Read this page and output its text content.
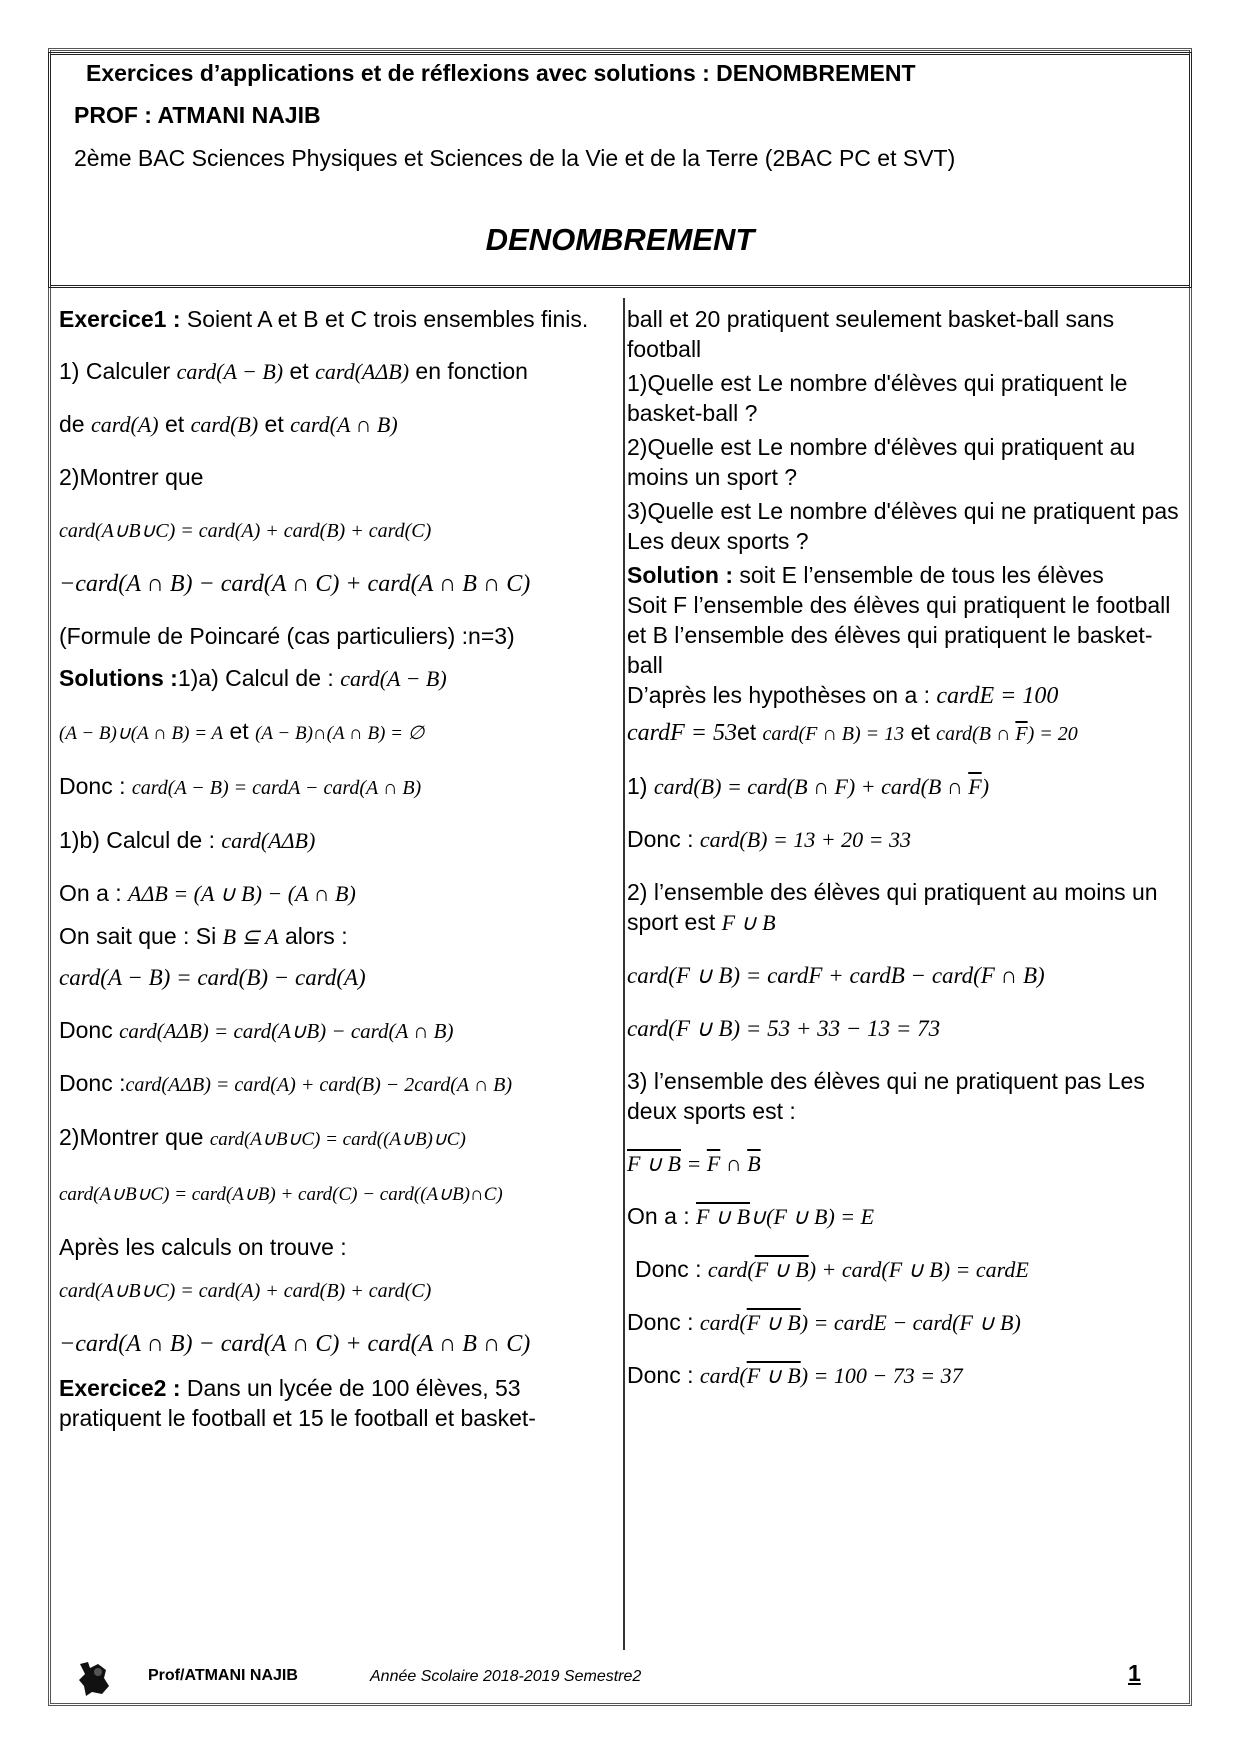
Exercices d’applications et de réflexions avec solutions : DENOMBREMENT
PROF : ATMANI NAJIB
2ème BAC Sciences Physiques et Sciences de la Vie et de la Terre (2BAC PC et SVT)
DENOMBREMENT

Exercice1 : Soient A et B et C trois ensembles finis.

1) Calculer card(A − B) et card(AΔB) en fonction

de card(A) et card(B) et card(A ∩ B)

2)Montrer que

card(A∪B∪C) = card(A) + card(B) + card(C)

−card(A ∩ B) − card(A ∩ C) + card(A ∩ B ∩ C)

(Formule de Poincaré (cas particuliers) :n=3)

Solutions :1)a) Calcul de : card(A − B)

(A − B)∪(A ∩ B) = A et (A − B)∩(A ∩ B) = ∅

Donc : card(A − B) = cardA − card(A ∩ B)

1)b) Calcul de : card(AΔB)

On a : AΔB = (A ∪ B) − (A ∩ B)

On sait que : Si B ⊆ A alors :

card(A − B) = card(B) − card(A)

Donc card(AΔB) = card(A∪B) − card(A ∩ B)

Donc :card(AΔB) = card(A) + card(B) − 2card(A ∩ B)

2)Montrer que card(A∪B∪C) = card((A∪B)∪C)

card(A∪B∪C) = card(A∪B) + card(C) − card((A∪B)∩C)

Après les calculs on trouve :

card(A∪B∪C) = card(A) + card(B) + card(C)

−card(A ∩ B) − card(A ∩ C) + card(A ∩ B ∩ C)

Exercice2 : Dans un lycée de 100 élèves, 53 pratiquent le football et 15 le football et basket-

ball et 20 pratiquent seulement basket-ball sans football

1)Quelle est Le nombre d'élèves qui pratiquent le basket-ball ?

2)Quelle est Le nombre d'élèves qui pratiquent au moins un sport ?

3)Quelle est Le nombre d'élèves qui ne pratiquent pas Les deux sports ?

Solution : soit E l’ensemble de tous les élèves

Soit F l’ensemble des élèves qui pratiquent le football et B l’ensemble des élèves qui pratiquent le basket-ball

D’après les hypothèses on a : cardE = 100

cardF = 53et card(F ∩ B) = 13 et card(B ∩ $\overline{F}) = 20$

1) card(B) = card(B ∩ F) + card(B ∩ $\overline{F}$)

Donc : card(B) = 13 + 20 = 33

2) l’ensemble des élèves qui pratiquent au moins un sport est F ∪ B

card(F ∪ B) = cardF + cardB − card(F ∩ B)

card(F ∪ B) = 53 + 33 − 13 = 73

3) l’ensemble des élèves qui ne pratiquent pas Les deux sports est :

F ∪ $B = \overline{F}$ ∩ $\overline{B}$

On a : F ∪ B∪(F ∪ B) = E

Donc : card(F ∪ B) + card(F ∪ B) = cardE

Donc : card(F ∪ B) = cardE − card(F ∪ B)

Donc : card(F ∪ B) = 100 − 73 = 37

Prof/ATMANI NAJIB	Année Scolaire 2018-2019 Semestre2	1
